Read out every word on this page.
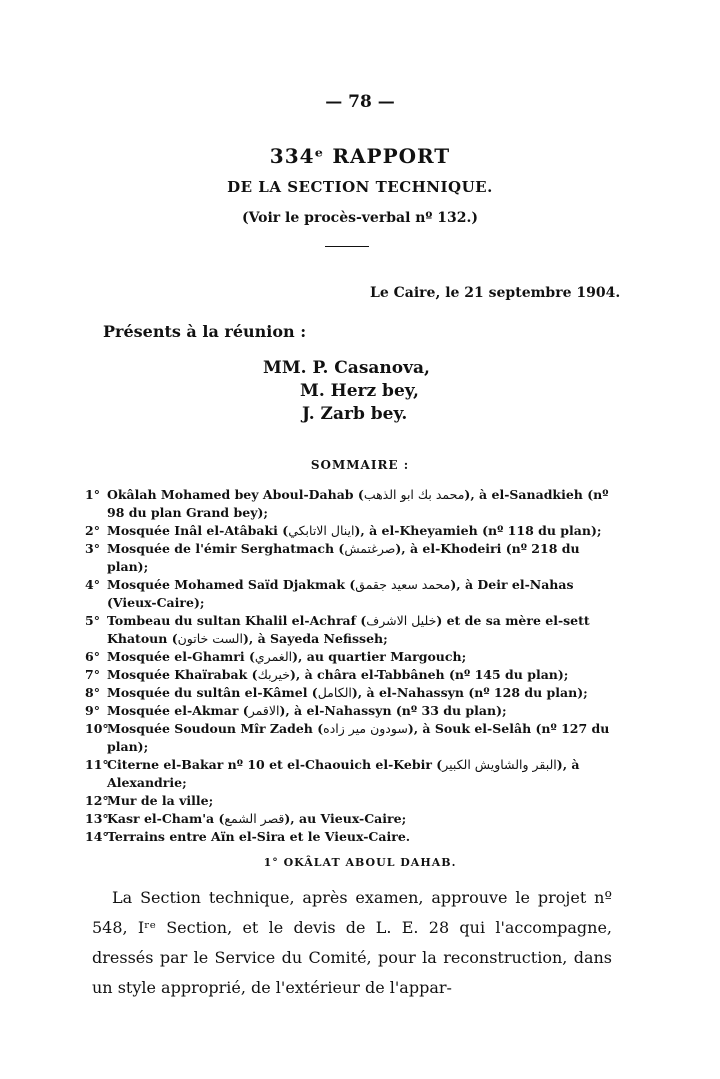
— 78 —
334ᵉ RAPPORT
DE LA SECTION TECHNIQUE.
(Voir le procès-verbal nº 132.)
Le Caire, le 21 septembre 1904.
Présents à la réunion :
MM. P. Casanova,
M. Herz bey,
J. Zarb bey.
SOMMAIRE :
1° Okâlah Mohamed bey Aboul-Dahab (محمد بك ابو الذهب), à el-Sanadkieh (nº 98 du plan Grand bey);
2° Mosquée Inâl el-Atâbaki (اينال الاتابكي), à el-Kheyamieh (nº 118 du plan);
3° Mosquée de l'émir Serghatmach (صرغتمش), à el-Khodeiri (nº 218 du plan);
4° Mosquée Mohamed Saïd Djakmak (محمد سعيد جقمق), à Deir el-Nahas (Vieux-Caire);
5° Tombeau du sultan Khalil el-Achraf (خليل الاشرف) et de sa mère el-sett Khatoun (الست خاتون), à Sayeda Nefisseh;
6° Mosquée el-Ghamri (الغمري), au quartier Margouch;
7° Mosquée Khaïrabak (خيربك), à châra el-Tabbâneh (nº 145 du plan);
8° Mosquée du sultân el-Kâmel (الكامل), à el-Nahassyn (nº 128 du plan);
9° Mosquée el-Akmar (الاقمر), à el-Nahassyn (nº 33 du plan);
10°
Mosquée Soudoun Mîr Zadeh (سودون مير زاده), à Souk el-Selâh (nº 127 du plan);
11°
Citerne el-Bakar nº 10 et el-Chaouich el-Kebir (البقر والشاويش الكبير), à Alexandrie;
12°
Mur de la ville;
13°
Kasr el-Cham'a (قصر الشمع), au Vieux-Caire;
14°
Terrains entre Aïn el-Sira et le Vieux-Caire.
1° OKÂLAT ABOUL DAHAB.

La Section technique, après examen, approuve le projet nº 548, Iʳᵉ Section, et le devis de L. E. 28 qui l'accompagne, dressés par le Service du Comité, pour la reconstruction, dans un style approprié, de l'extérieur de l'appar-
